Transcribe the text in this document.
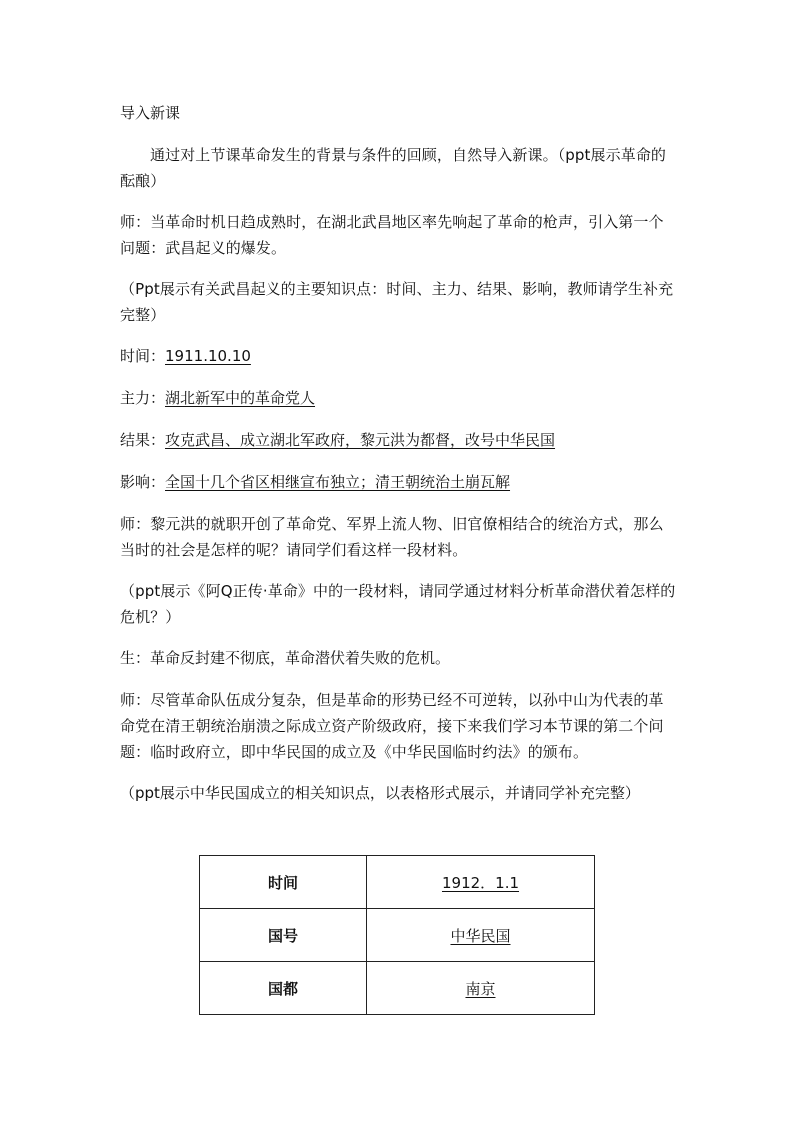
导入新课

通过对上节课革命发生的背景与条件的回顾，自然导入新课。（ppt展示革命的酝酿）

师：当革命时机日趋成熟时，在湖北武昌地区率先响起了革命的枪声，引入第一个问题：武昌起义的爆发。

（Ppt展示有关武昌起义的主要知识点：时间、主力、结果、影响，教师请学生补充完整）

时间：1911.10.10

主力：湖北新军中的革命党人

结果：攻克武昌、成立湖北军政府，黎元洪为都督，改号中华民国

影响：全国十几个省区相继宣布独立；清王朝统治土崩瓦解

师：黎元洪的就职开创了革命党、军界上流人物、旧官僚相结合的统治方式，那么当时的社会是怎样的呢？请同学们看这样一段材料。

（ppt展示《阿Q正传·革命》中的一段材料，请同学通过材料分析革命潜伏着怎样的危机？）

生：革命反封建不彻底，革命潜伏着失败的危机。

师：尽管革命队伍成分复杂，但是革命的形势已经不可逆转，以孙中山为代表的革命党在清王朝统治崩溃之际成立资产阶级政府，接下来我们学习本节课的第二个问题：临时政府立，即中华民国的成立及《中华民国临时约法》的颁布。

（ppt展示中华民国成立的相关知识点，以表格形式展示，并请同学补充完整）

时间	1912．1.1
国号	中华民国
国都	南京
